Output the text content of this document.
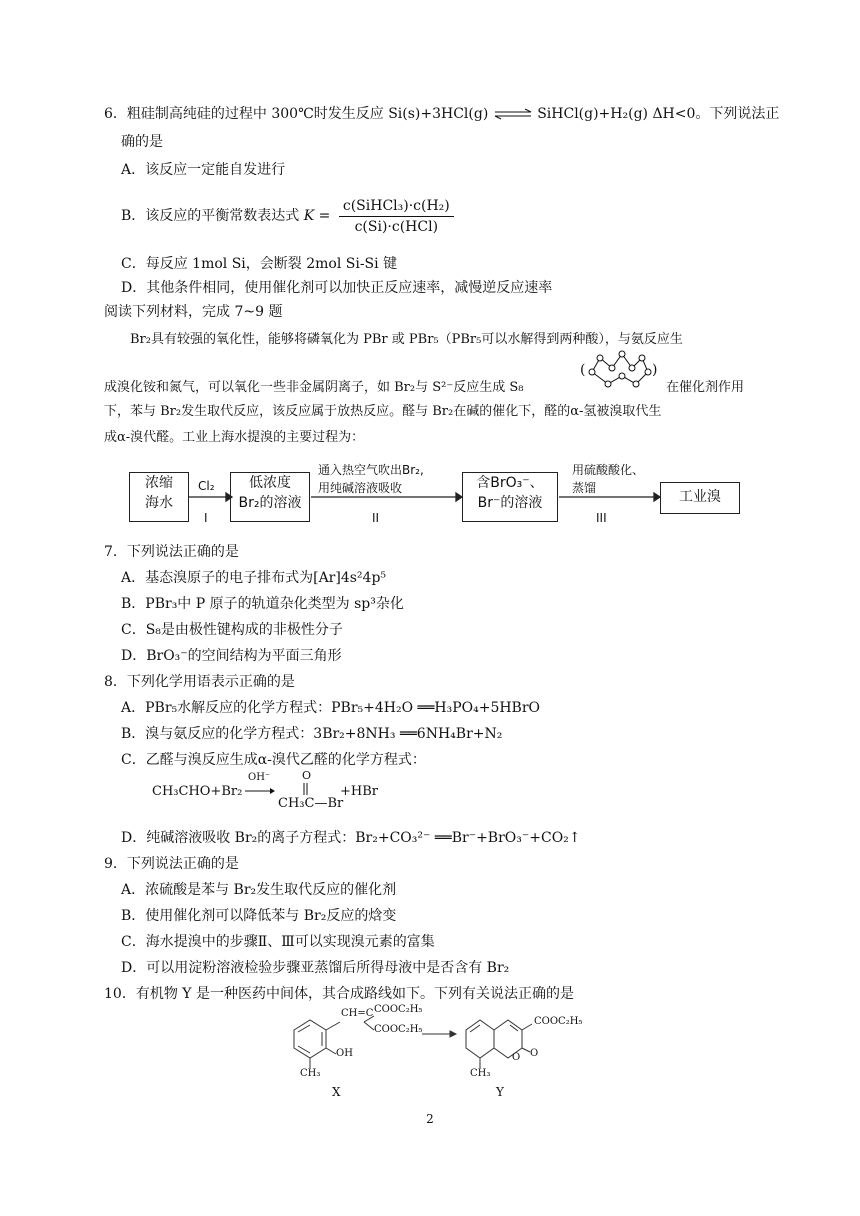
6．粗硅制高纯硅的过程中 300℃时发生反应 Si(s)+3HCl(g) ⇌ SiHCl(g)+H₂(g) ΔH<0。下列说法正
确的是
A．该反应一定能自发进行
B．该反应的平衡常数表达式 $K = \frac{\text{c(SiHCl₃)·c(H₂)}}{\text{c(Si)·c(HCl)}}$
C．每反应 1mol Si，会断裂 2mol Si-Si 键
D．其他条件相同，使用催化剂可以加快正反应速率，减慢逆反应速率
阅读下列材料，完成 7~9 题
Br₂具有较强的氧化性，能够将磷氧化为 PBr 或 PBr₅（PBr₅可以水解得到两种酸），与氨反应生
成溴化铵和氮气，可以氧化一些非金属阴离子，如 Br₂与 S²⁻反应生成 S₈
(	)
在催化剂作用
下，苯与 Br₂发生取代反应，该反应属于放热反应。醛与 Br₂在碱的催化下，醛的α-氢被溴取代生
成α-溴代醛。工业上海水提溴的主要过程为：
浓缩
海水
Cl₂
I
低浓度
Br₂的溶液
通入热空气吹出Br₂,
用纯碱溶液吸收
II
含BrO₃⁻、
Br⁻的溶液
用硫酸酸化、
蒸馏
III
工业溴
7．下列说法正确的是
A．基态溴原子的电子排布式为[Ar]4s²4p⁵
B．PBr₃中 P 原子的轨道杂化类型为 sp³杂化
C．S₈是由极性键构成的非极性分子
D．BrO₃⁻的空间结构为平面三角形
8．下列化学用语表示正确的是
A．PBr₅水解反应的化学方程式：PBr₅+4H₂O ══H₃PO₄+5HBrO
B．溴与氨反应的化学方程式：3Br₂+8NH₃ ══6NH₄Br+N₂
C．乙醛与溴反应生成α-溴代乙醛的化学方程式：
CH₃CHO+Br₂
OH⁻	O
CH₃C—Br
+HBr
D．纯碱溶液吸收 Br₂的离子方程式：Br₂+CO₃²⁻ ══Br⁻+BrO₃⁻+CO₂↑
9．下列说法正确的是
A．浓硫酸是苯与 Br₂发生取代反应的催化剂
B．使用催化剂可以降低苯与 Br₂反应的焓变
C．海水提溴中的步骤Ⅱ、Ⅲ可以实现溴元素的富集
D．可以用淀粉溶液检验步骤亚蒸馏后所得母液中是否含有 Br₂
10．有机物 Y 是一种医药中间体，其合成路线如下。下列有关说法正确的是
CH=C COOC₂H₅
COOC₂H₅
OH
CH₃
X
COOC₂H₅
O O
CH₃
Y
2
